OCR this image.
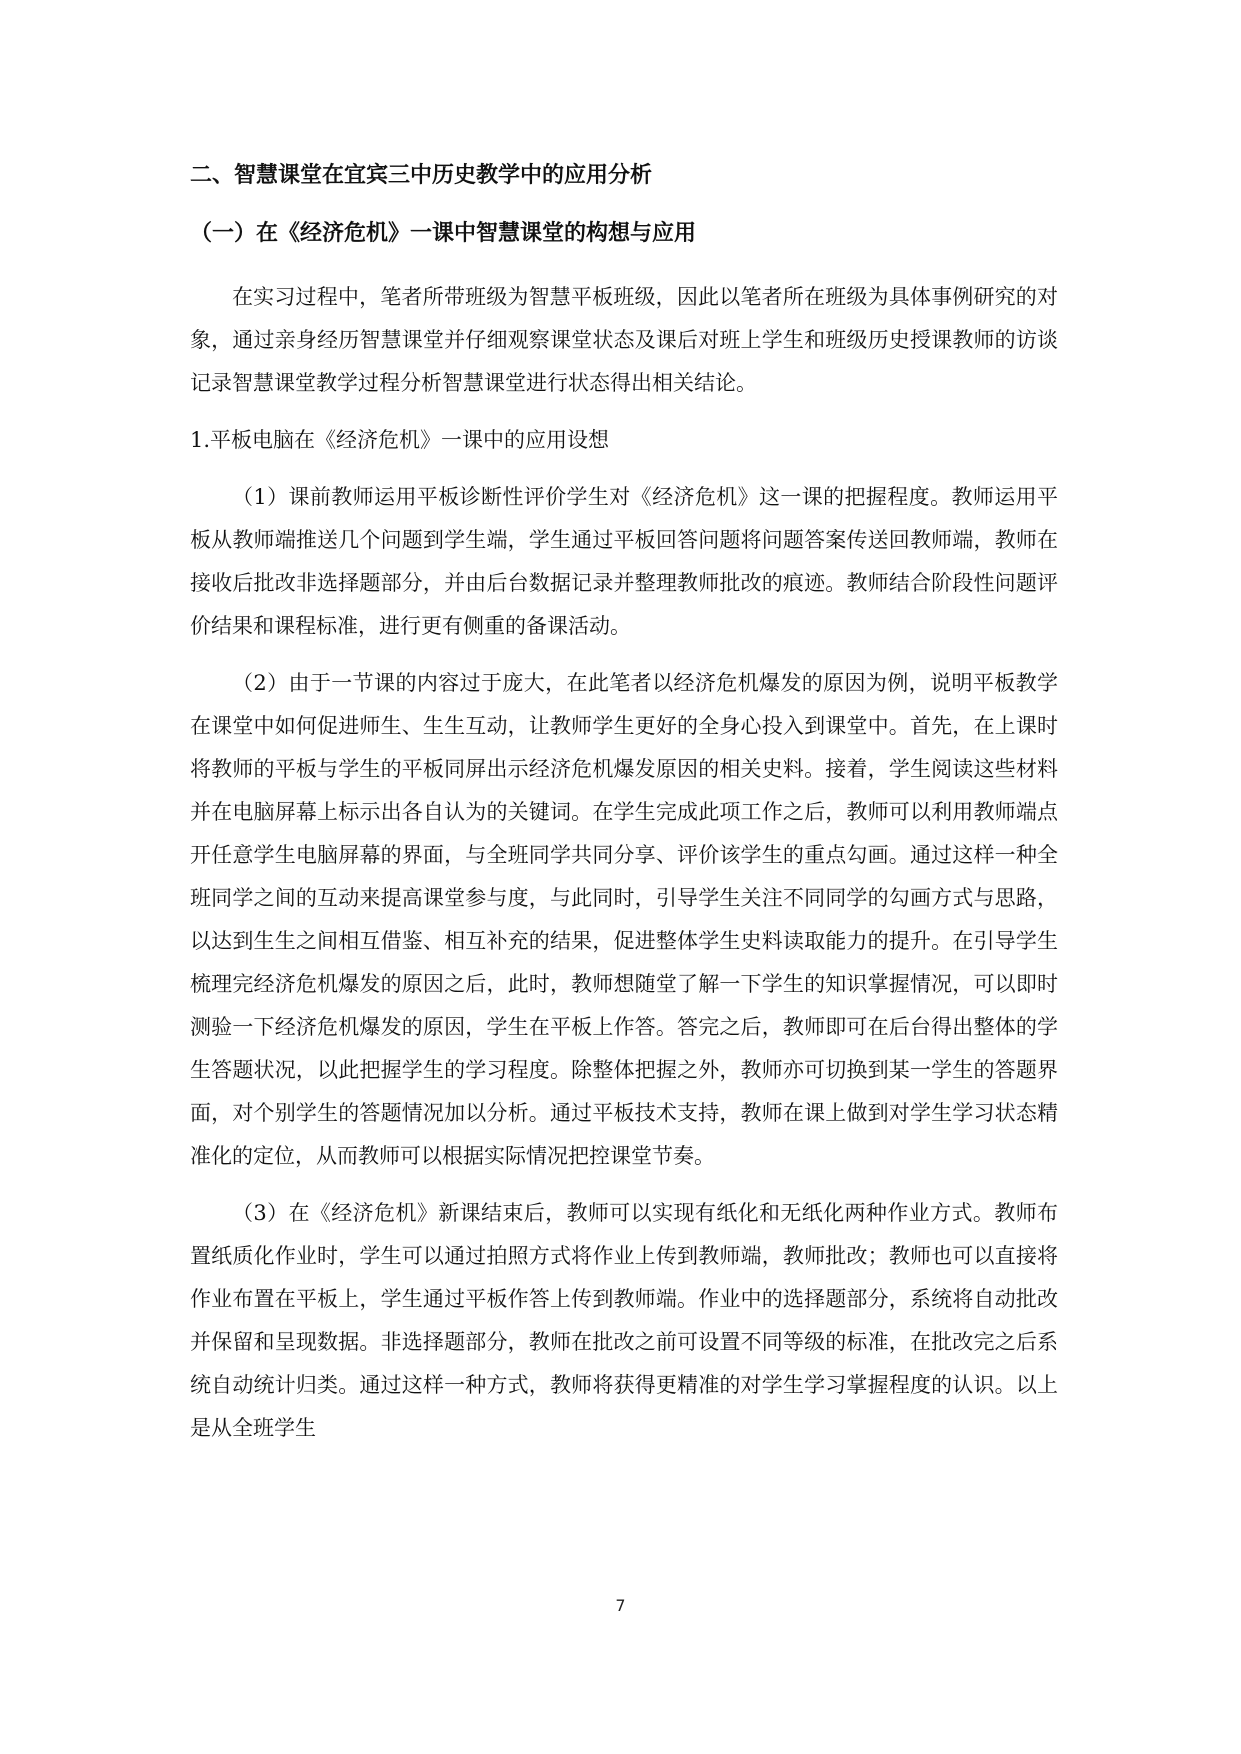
二、智慧课堂在宜宾三中历史教学中的应用分析
（一）在《经济危机》一课中智慧课堂的构想与应用

在实习过程中，笔者所带班级为智慧平板班级，因此以笔者所在班级为具体事例研究的对象，通过亲身经历智慧课堂并仔细观察课堂状态及课后对班上学生和班级历史授课教师的访谈记录智慧课堂教学过程分析智慧课堂进行状态得出相关结论。

1.平板电脑在《经济危机》一课中的应用设想

（1）课前教师运用平板诊断性评价学生对《经济危机》这一课的把握程度。教师运用平板从教师端推送几个问题到学生端，学生通过平板回答问题将问题答案传送回教师端，教师在接收后批改非选择题部分，并由后台数据记录并整理教师批改的痕迹。教师结合阶段性问题评价结果和课程标准，进行更有侧重的备课活动。

（2）由于一节课的内容过于庞大，在此笔者以经济危机爆发的原因为例，说明平板教学在课堂中如何促进师生、生生互动，让教师学生更好的全身心投入到课堂中。首先，在上课时将教师的平板与学生的平板同屏出示经济危机爆发原因的相关史料。接着，学生阅读这些材料并在电脑屏幕上标示出各自认为的关键词。在学生完成此项工作之后，教师可以利用教师端点开任意学生电脑屏幕的界面，与全班同学共同分享、评价该学生的重点勾画。通过这样一种全班同学之间的互动来提高课堂参与度，与此同时，引导学生关注不同同学的勾画方式与思路，以达到生生之间相互借鉴、相互补充的结果，促进整体学生史料读取能力的提升。在引导学生梳理完经济危机爆发的原因之后，此时，教师想随堂了解一下学生的知识掌握情况，可以即时测验一下经济危机爆发的原因，学生在平板上作答。答完之后，教师即可在后台得出整体的学生答题状况，以此把握学生的学习程度。除整体把握之外，教师亦可切换到某一学生的答题界面，对个别学生的答题情况加以分析。通过平板技术支持，教师在课上做到对学生学习状态精准化的定位，从而教师可以根据实际情况把控课堂节奏。

（3）在《经济危机》新课结束后，教师可以实现有纸化和无纸化两种作业方式。教师布置纸质化作业时，学生可以通过拍照方式将作业上传到教师端，教师批改；教师也可以直接将作业布置在平板上，学生通过平板作答上传到教师端。作业中的选择题部分，系统将自动批改并保留和呈现数据。非选择题部分，教师在批改之前可设置不同等级的标准，在批改完之后系统自动统计归类。通过这样一种方式，教师将获得更精准的对学生学习掌握程度的认识。以上是从全班学生

7
